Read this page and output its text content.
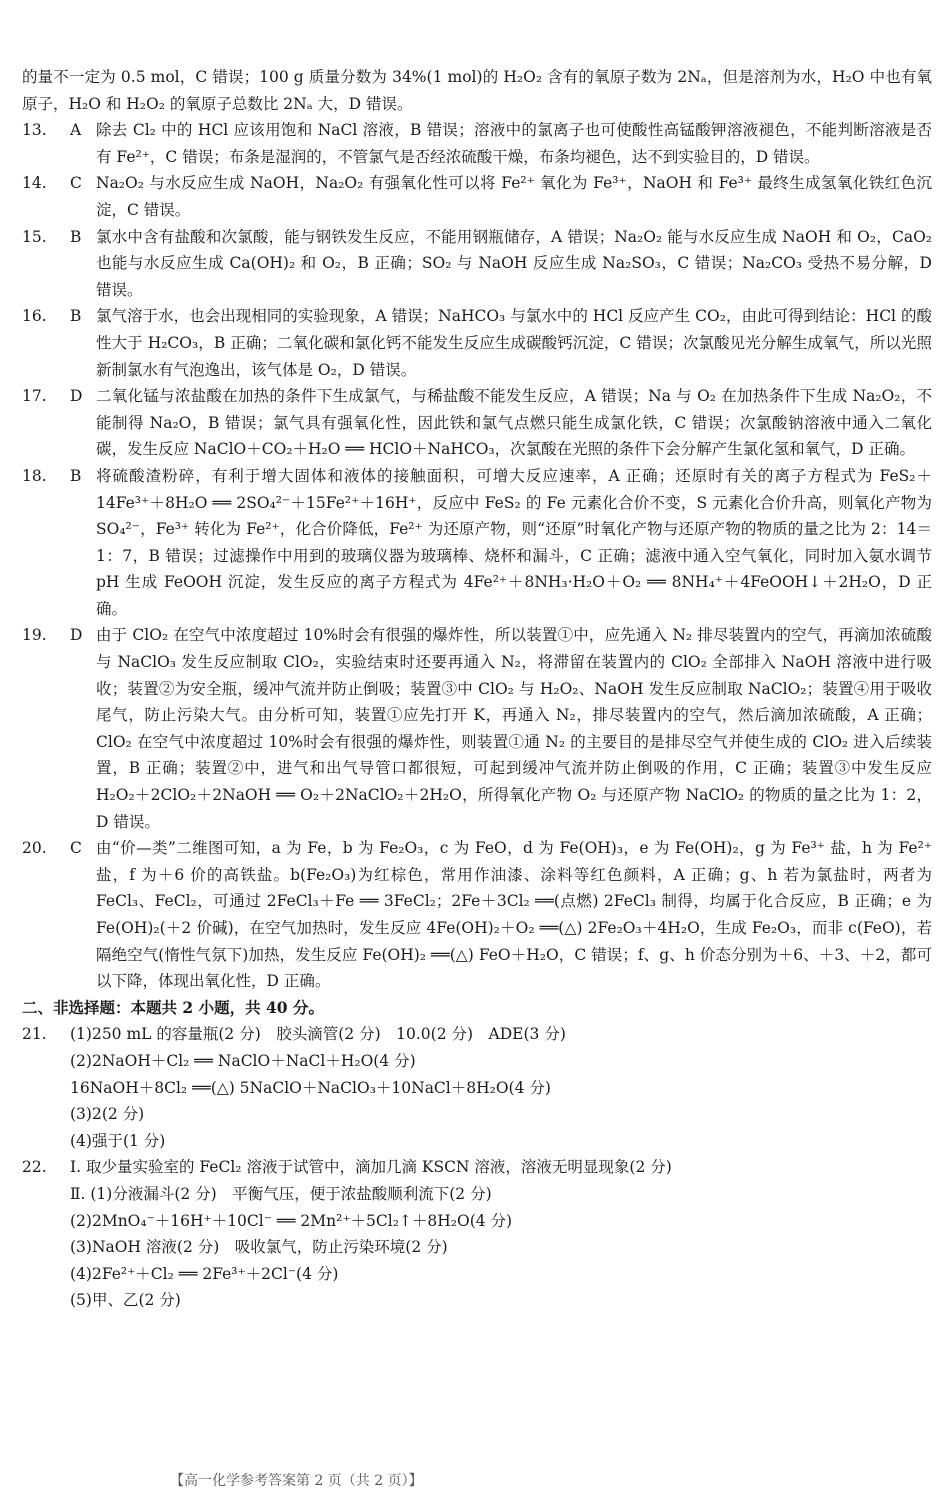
的量不一定为 0.5 mol，C 错误；100 g 质量分数为 34%(1 mol)的 H₂O₂ 含有的氧原子数为 2Nₐ，但是溶剂为水，H₂O 中也有氧原子，H₂O 和 H₂O₂ 的氧原子总数比 2Nₐ 大，D 错误。

13.	A 除去 Cl₂ 中的 HCl 应该用饱和 NaCl 溶液，B 错误；溶液中的氯离子也可使酸性高锰酸钾溶液褪色，不能判断溶液是否有 Fe²⁺，C 错误；布条是湿润的，不管氯气是否经浓硫酸干燥，布条均褪色，达不到实验目的，D 错误。
14.	C Na₂O₂ 与水反应生成 NaOH，Na₂O₂ 有强氧化性可以将 Fe²⁺ 氧化为 Fe³⁺，NaOH 和 Fe³⁺ 最终生成氢氧化铁红色沉淀，C 错误。
15.	B 氯水中含有盐酸和次氯酸，能与钢铁发生反应，不能用钢瓶储存，A 错误；Na₂O₂ 能与水反应生成 NaOH 和 O₂，CaO₂ 也能与水反应生成 Ca(OH)₂ 和 O₂，B 正确；SO₂ 与 NaOH 反应生成 Na₂SO₃，C 错误；Na₂CO₃ 受热不易分解，D 错误。
16.	B 氯气溶于水，也会出现相同的实验现象，A 错误；NaHCO₃ 与氯水中的 HCl 反应产生 CO₂，由此可得到结论：HCl 的酸性大于 H₂CO₃，B 正确；二氧化碳和氯化钙不能发生反应生成碳酸钙沉淀，C 错误；次氯酸见光分解生成氧气，所以光照新制氯水有气泡逸出，该气体是 O₂，D 错误。
17.	D 二氧化锰与浓盐酸在加热的条件下生成氯气，与稀盐酸不能发生反应，A 错误；Na 与 O₂ 在加热条件下生成 Na₂O₂，不能制得 Na₂O，B 错误；氯气具有强氧化性，因此铁和氯气点燃只能生成氯化铁，C 错误；次氯酸钠溶液中通入二氧化碳，发生反应 NaClO＋CO₂＋H₂O ══ HClO＋NaHCO₃，次氯酸在光照的条件下会分解产生氯化氢和氧气，D 正确。
18.	B 将硫酸渣粉碎，有利于增大固体和液体的接触面积，可增大反应速率，A 正确；还原时有关的离子方程式为 FeS₂＋14Fe³⁺＋8H₂O ══ 2SO₄²⁻＋15Fe²⁺＋16H⁺，反应中 FeS₂ 的 Fe 元素化合价不变，S 元素化合价升高，则氧化产物为 SO₄²⁻，Fe³⁺ 转化为 Fe²⁺，化合价降低，Fe²⁺ 为还原产物，则“还原”时氧化产物与还原产物的物质的量之比为 2：14＝1：7，B 错误；过滤操作中用到的玻璃仪器为玻璃棒、烧杯和漏斗，C 正确；滤液中通入空气氧化，同时加入氨水调节 pH 生成 FeOOH 沉淀，发生反应的离子方程式为 4Fe²⁺＋8NH₃·H₂O＋O₂ ══ 8NH₄⁺＋4FeOOH↓＋2H₂O，D 正确。
19.	D 由于 ClO₂ 在空气中浓度超过 10%时会有很强的爆炸性，所以装置①中，应先通入 N₂ 排尽装置内的空气，再滴加浓硫酸与 NaClO₃ 发生反应制取 ClO₂，实验结束时还要再通入 N₂，将滞留在装置内的 ClO₂ 全部排入 NaOH 溶液中进行吸收；装置②为安全瓶，缓冲气流并防止倒吸；装置③中 ClO₂ 与 H₂O₂、NaOH 发生反应制取 NaClO₂；装置④用于吸收尾气，防止污染大气。由分析可知，装置①应先打开 K，再通入 N₂，排尽装置内的空气，然后滴加浓硫酸，A 正确；ClO₂ 在空气中浓度超过 10%时会有很强的爆炸性，则装置①通 N₂ 的主要目的是排尽空气并使生成的 ClO₂ 进入后续装置，B 正确；装置②中，进气和出气导管口都很短，可起到缓冲气流并防止倒吸的作用，C 正确；装置③中发生反应 H₂O₂＋2ClO₂＋2NaOH ══ O₂＋2NaClO₂＋2H₂O，所得氧化产物 O₂ 与还原产物 NaClO₂ 的物质的量之比为 1：2，D 错误。
20.	C 由“价—类”二维图可知，a 为 Fe，b 为 Fe₂O₃，c 为 FeO，d 为 Fe(OH)₃，e 为 Fe(OH)₂，g 为 Fe³⁺ 盐，h 为 Fe²⁺ 盐，f 为＋6 价的高铁盐。b(Fe₂O₃)为红棕色，常用作油漆、涂料等红色颜料，A 正确；g、h 若为氯盐时，两者为 FeCl₃、FeCl₂，可通过 2FeCl₃＋Fe ══ 3FeCl₂；2Fe＋3Cl₂ ══(点燃) 2FeCl₃ 制得，均属于化合反应，B 正确；e 为 Fe(OH)₂(＋2 价碱)，在空气加热时，发生反应 4Fe(OH)₂＋O₂ ══(△) 2Fe₂O₃＋4H₂O，生成 Fe₂O₃，而非 c(FeO)，若隔绝空气(惰性气氛下)加热，发生反应 Fe(OH)₂ ══(△) FeO＋H₂O，C 错误；f、g、h 价态分别为＋6、＋3、＋2，都可以下降，体现出氧化性，D 正确。

二、非选择题：本题共 2 小题，共 40 分。

21.	(1)250 mL 的容量瓶(2 分)　胶头滴管(2 分)　10.0(2 分)　ADE(3 分)
(2)2NaOH＋Cl₂ ══ NaClO＋NaCl＋H₂O(4 分)
16NaOH＋8Cl₂ ══(△) 5NaClO＋NaClO₃＋10NaCl＋8H₂O(4 分)
(3)2(2 分)
(4)强于(1 分)
22.	Ⅰ. 取少量实验室的 FeCl₂ 溶液于试管中，滴加几滴 KSCN 溶液，溶液无明显现象(2 分)
Ⅱ. (1)分液漏斗(2 分)　平衡气压，便于浓盐酸顺利流下(2 分)
(2)2MnO₄⁻＋16H⁺＋10Cl⁻ ══ 2Mn²⁺＋5Cl₂↑＋8H₂O(4 分)
(3)NaOH 溶液(2 分)　吸收氯气，防止污染环境(2 分)
(4)2Fe²⁺＋Cl₂ ══ 2Fe³⁺＋2Cl⁻(4 分)
(5)甲、乙(2 分)
【高一化学参考答案第 2 页（共 2 页）】
